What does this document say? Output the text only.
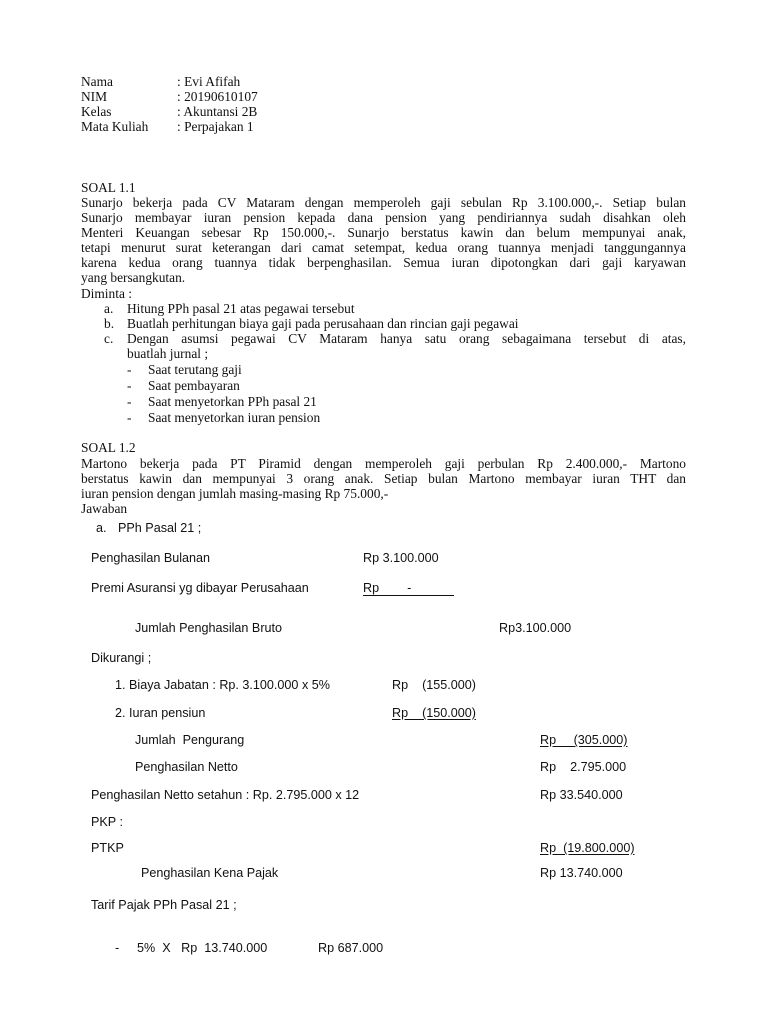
Nama	: Evi Afifah
NIM	: 20190610107
Kelas	: Akuntansi 2B
Mata Kuliah : Perpajakan 1
SOAL 1.1
Sunarjo bekerja pada CV Mataram dengan memperoleh gaji sebulan Rp 3.100.000,-. Setiap bulan
Sunarjo membayar iuran pension kepada dana pension yang pendiriannya sudah disahkan oleh
Menteri Keuangan sebesar Rp 150.000,-. Sunarjo berstatus kawin dan belum mempunyai anak,
tetapi menurut surat keterangan dari camat setempat, kedua orang tuannya menjadi tanggungannya
karena kedua orang tuannya tidak berpenghasilan. Semua iuran dipotongkan dari gaji karyawan
yang bersangkutan.
Diminta :
a. Hitung PPh pasal 21 atas pegawai tersebut
b. Buatlah perhitungan biaya gaji pada perusahaan dan rincian gaji pegawai
c. Dengan asumsi pegawai CV Mataram hanya satu orang sebagaimana tersebut di atas,
buatlah jurnal ;
- Saat terutang gaji
- Saat pembayaran
- Saat menyetorkan PPh pasal 21
- Saat menyetorkan iuran pension
SOAL 1.2
Martono bekerja pada PT Piramid dengan memperoleh gaji perbulan Rp 2.400.000,- Martono
berstatus kawin dan mempunyai 3 orang anak. Setiap bulan Martono membayar iuran THT dan
iuran pension dengan jumlah masing-masing Rp 75.000,-
Jawaban
a. PPh Pasal 21 ;
Penghasilan Bulanan	Rp 3.100.000
Premi Asuransi yg dibayar Perusahaan	Rp        -
Jumlah Penghasilan Bruto	Rp3.100.000
Dikurangi ;
1. Biaya Jabatan : Rp. 3.100.000 x 5%	Rp    (155.000)
2. Iuran pensiun	Rp    (150.000)
Jumlah  Pengurang	Rp     (305.000)
Penghasilan Netto	Rp    2.795.000
Penghasilan Netto setahun : Rp. 2.795.000 x 12	Rp 33.540.000
PKP :
PTKP	Rp  (19.800.000)
Penghasilan Kena Pajak	Rp 13.740.000
Tarif Pajak PPh Pasal 21 ;
- 5%  X   Rp  13.740.000	Rp 687.000
